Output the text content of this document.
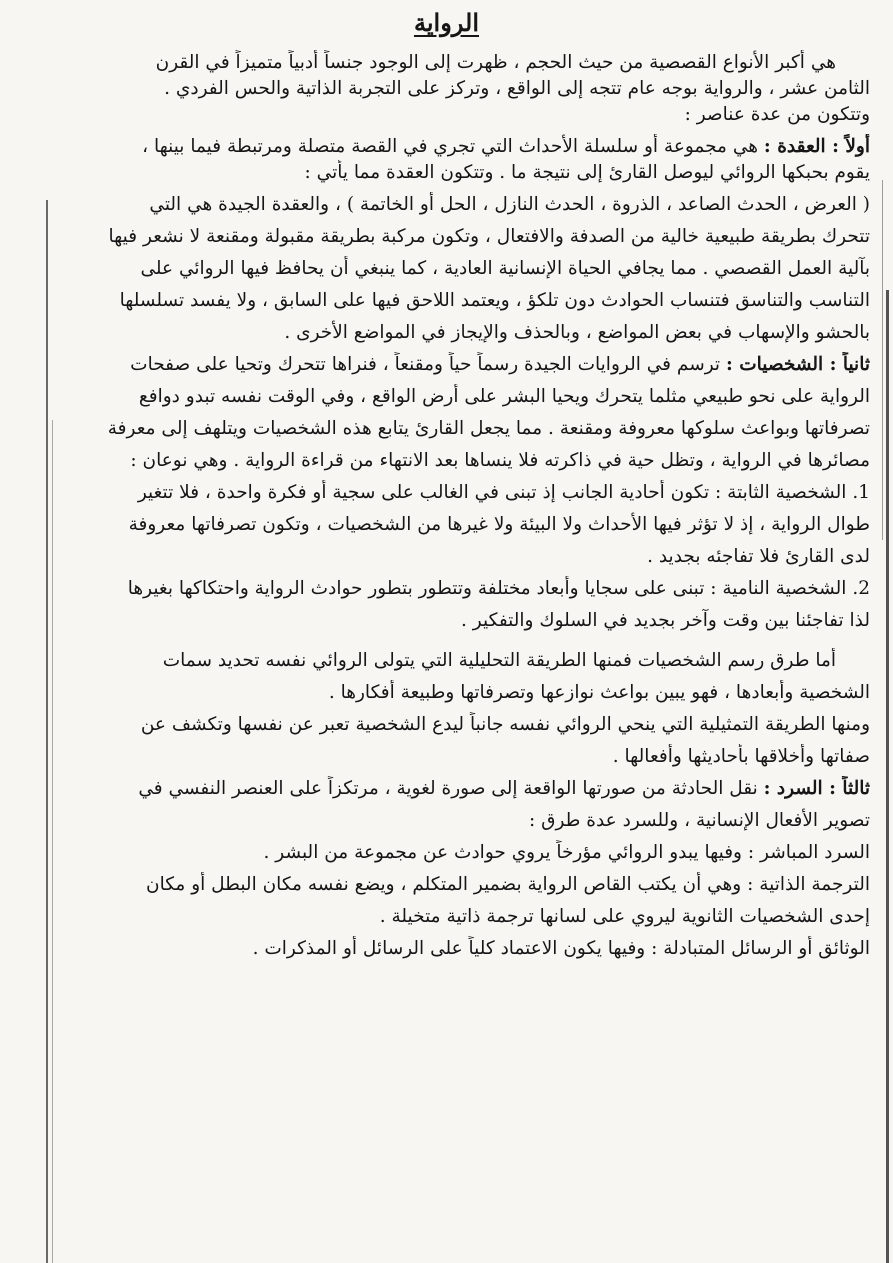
الرواية
هي أكبر الأنواع القصصية من حيث الحجم ، ظهرت إلى الوجود جنساً أدبياً متميزاً في القرن
الثامن عشر ، والرواية بوجه عام تتجه إلى الواقع ، وتركز على التجربة الذاتية والحس الفردي .
وتتكون من عدة عناصر :
أولاً : العقدة : هي مجموعة أو سلسلة الأحداث التي تجري في القصة متصلة ومرتبطة فيما بينها ،
يقوم بحبكها الروائي ليوصل القارئ إلى نتيجة ما . وتتكون العقدة مما يأتي :
( العرض ، الحدث الصاعد ، الذروة ، الحدث النازل ، الحل أو الخاتمة ) ، والعقدة الجيدة هي التي
تتحرك بطريقة طبيعية خالية من الصدفة والافتعال ، وتكون مركبة بطريقة مقبولة ومقنعة لا نشعر فيها
بآلية العمل القصصي . مما يجافي الحياة الإنسانية العادية ، كما ينبغي أن يحافظ فيها الروائي على
التناسب والتناسق فتنساب الحوادث دون تلكؤ ، ويعتمد اللاحق فيها على السابق ، ولا يفسد تسلسلها
بالحشو والإسهاب في بعض المواضع ، وبالحذف والإيجاز في المواضع الأخرى .
ثانياً : الشخصيات : ترسم في الروايات الجيدة رسماً حياً ومقنعاً ، فنراها تتحرك وتحيا على صفحات
الرواية على نحو طبيعي مثلما يتحرك ويحيا البشر على أرض الواقع ، وفي الوقت نفسه تبدو دوافع
تصرفاتها وبواعث سلوكها معروفة ومقنعة . مما يجعل القارئ يتابع هذه الشخصيات ويتلهف إلى معرفة
مصائرها في الرواية ، وتظل حية في ذاكرته فلا ينساها بعد الانتهاء من قراءة الرواية . وهي نوعان :
1. الشخصية الثابتة : تكون أحادية الجانب إذ تبنى في الغالب على سجية أو فكرة واحدة ، فلا تتغير
طوال الرواية ، إذ لا تؤثر فيها الأحداث ولا البيئة ولا غيرها من الشخصيات ، وتكون تصرفاتها معروفة
لدى القارئ فلا تفاجئه بجديد .
2. الشخصية النامية : تبنى على سجايا وأبعاد مختلفة وتتطور بتطور حوادث الرواية واحتكاكها بغيرها
لذا تفاجئنا بين وقت وآخر بجديد في السلوك والتفكير .
أما طرق رسم الشخصيات فمنها الطريقة التحليلية التي يتولى الروائي نفسه تحديد سمات
الشخصية وأبعادها ، فهو يبين بواعث نوازعها وتصرفاتها وطبيعة أفكارها .
ومنها الطريقة التمثيلية التي ينحي الروائي نفسه جانباً ليدع الشخصية تعبر عن نفسها وتكشف عن
صفاتها وأخلاقها بأحاديثها وأفعالها .
ثالثاً : السرد : نقل الحادثة من صورتها الواقعة إلى صورة لغوية ، مرتكزاً على العنصر النفسي في
تصوير الأفعال الإنسانية ، وللسرد عدة طرق :
السرد المباشر : وفيها يبدو الروائي مؤرخاً يروي حوادث عن مجموعة من البشر .
الترجمة الذاتية : وهي أن يكتب القاص الرواية بضمير المتكلم ، ويضع نفسه مكان البطل أو مكان
إحدى الشخصيات الثانوية ليروي على لسانها ترجمة ذاتية متخيلة .
الوثائق أو الرسائل المتبادلة : وفيها يكون الاعتماد كلياً على الرسائل أو المذكرات .
